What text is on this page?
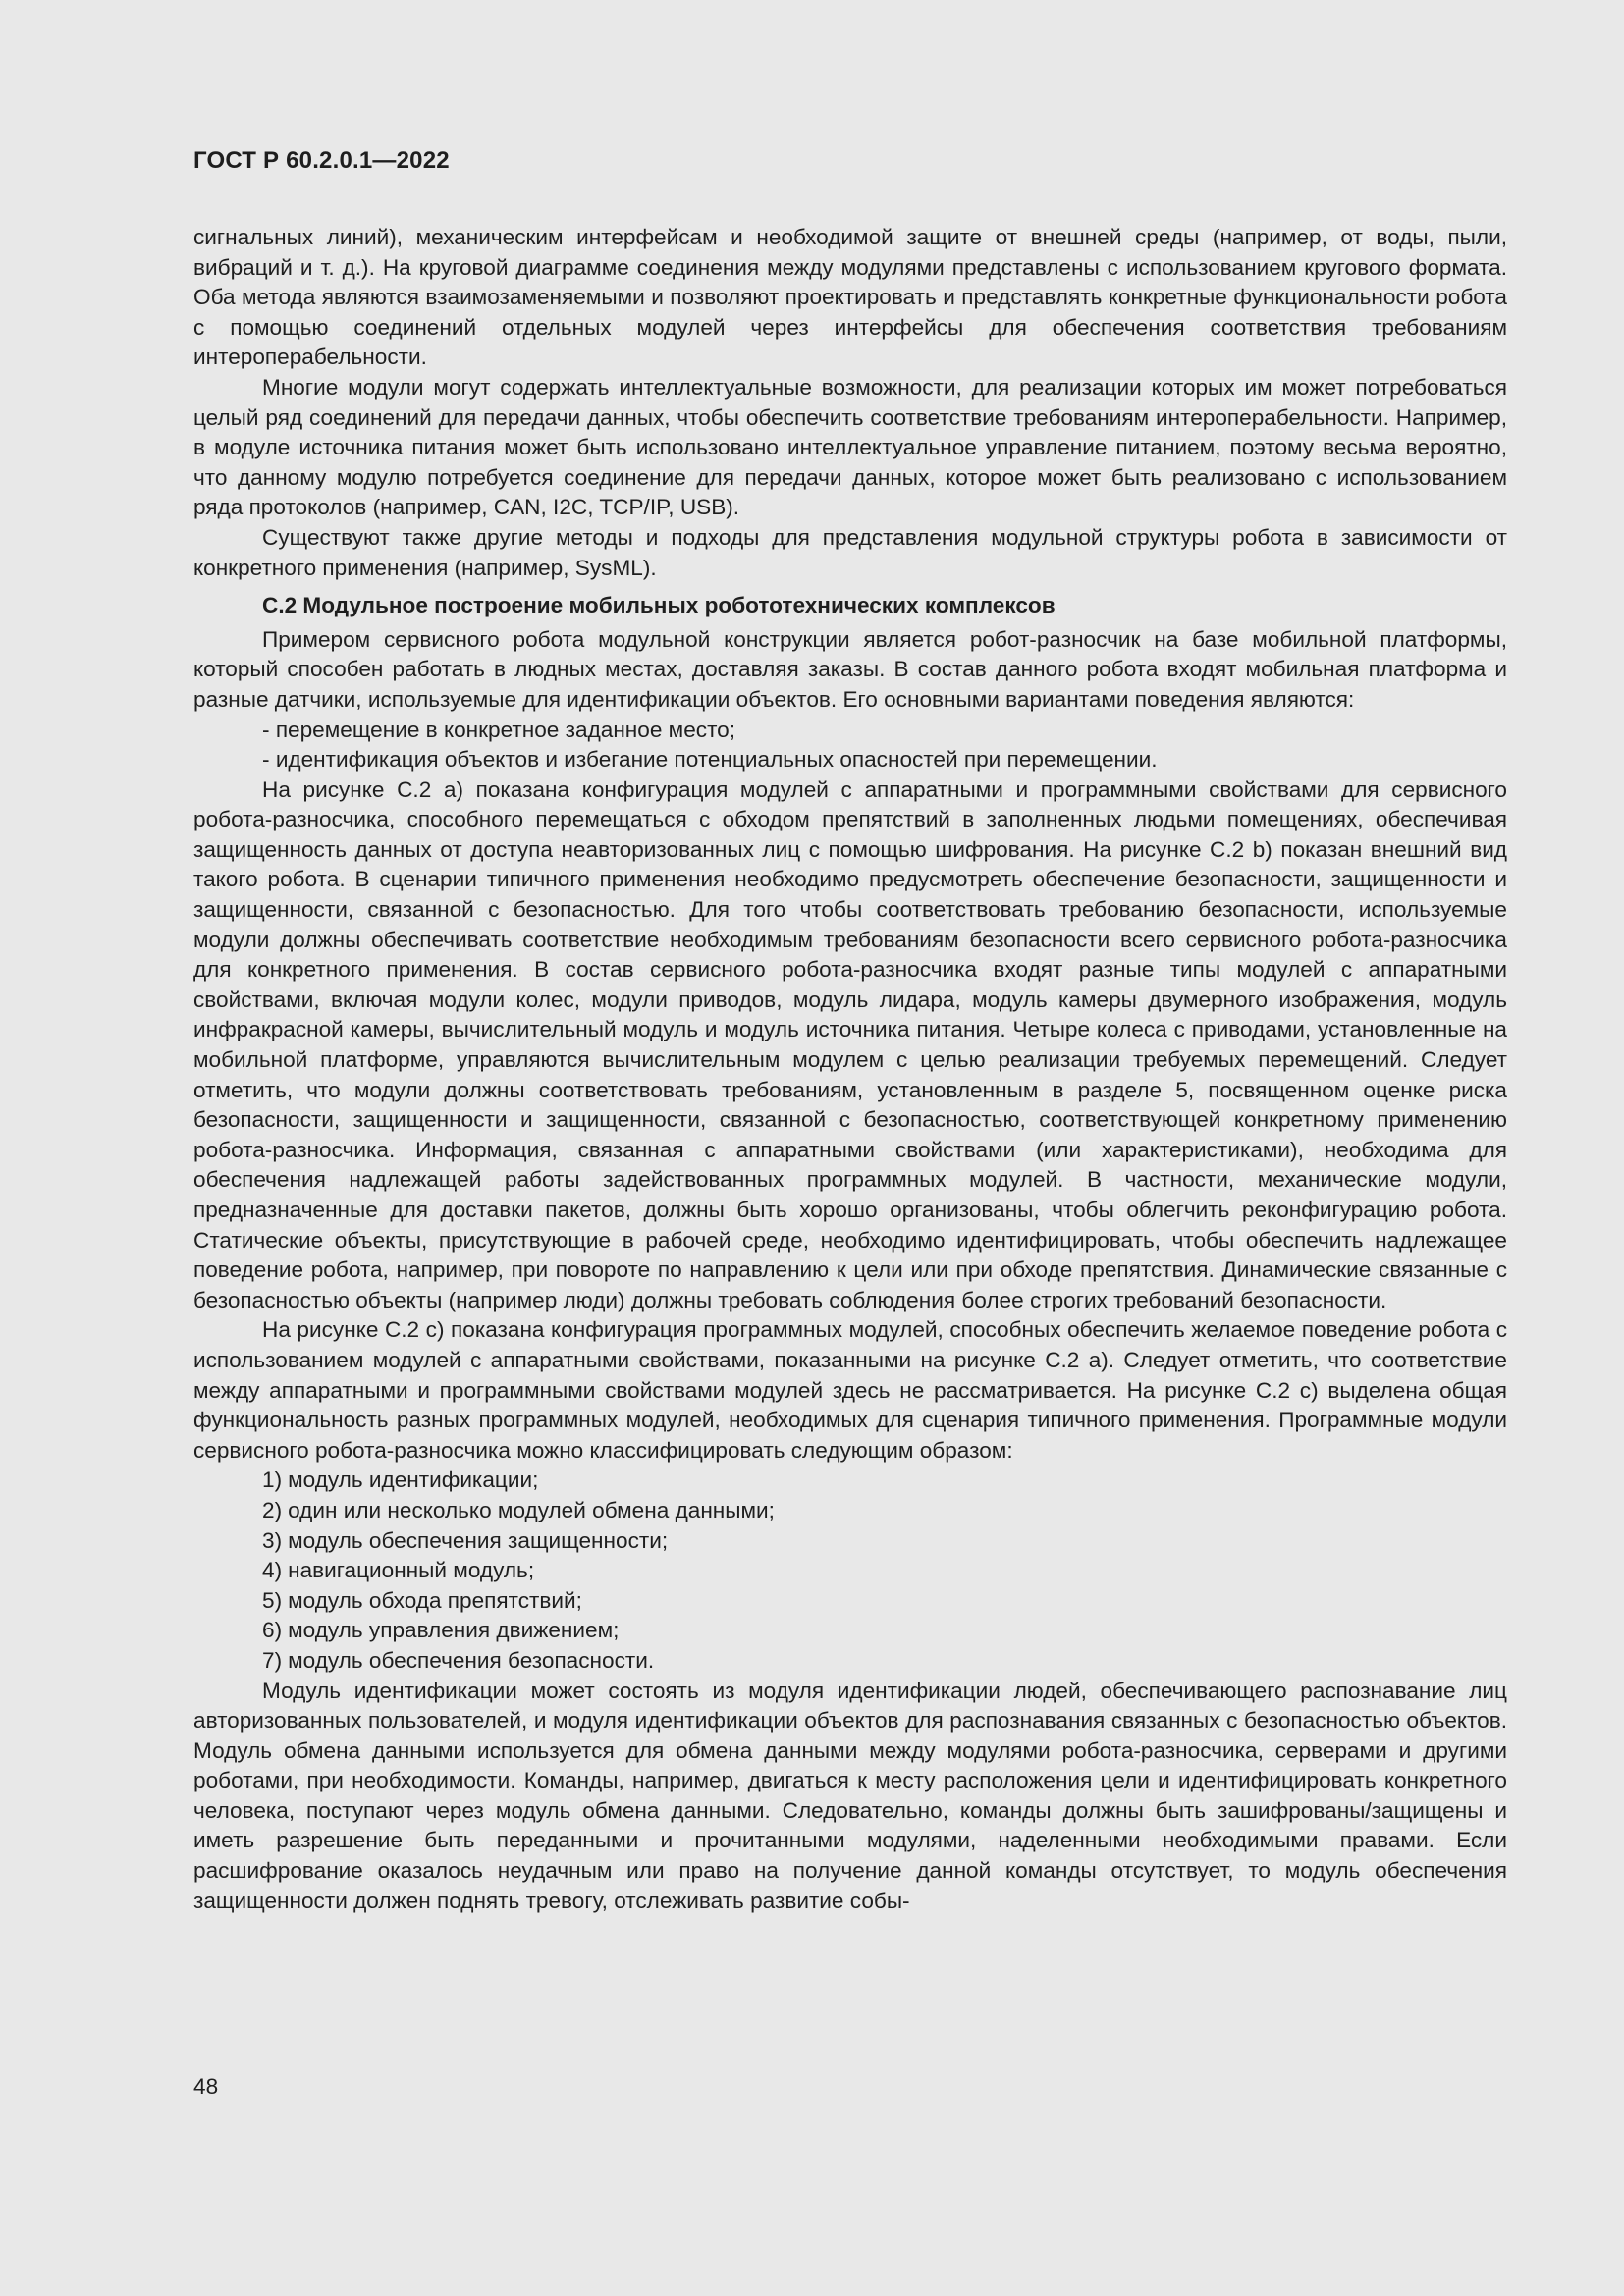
ГОСТ Р 60.2.0.1—2022

сигнальных линий), механическим интерфейсам и необходимой защите от внешней среды (например, от воды, пыли, вибраций и т. д.). На круговой диаграмме соединения между модулями представлены с использованием кругового формата. Оба метода являются взаимозаменяемыми и позволяют проектировать и представлять конкретные функциональности робота с помощью соединений отдельных модулей через интерфейсы для обеспечения соответствия требованиям интероперабельности.

Многие модули могут содержать интеллектуальные возможности, для реализации которых им может потребоваться целый ряд соединений для передачи данных, чтобы обеспечить соответствие требованиям интероперабельности. Например, в модуле источника питания может быть использовано интеллектуальное управление питанием, поэтому весьма вероятно, что данному модулю потребуется соединение для передачи данных, которое может быть реализовано с использованием ряда протоколов (например, CAN, I2C, TCP/IP, USB).

Существуют также другие методы и подходы для представления модульной структуры робота в зависимости от конкретного применения (например, SysML).

С.2 Модульное построение мобильных робототехнических комплексов

Примером сервисного робота модульной конструкции является робот-разносчик на базе мобильной платформы, который способен работать в людных местах, доставляя заказы. В состав данного робота входят мобильная платформа и разные датчики, используемые для идентификации объектов. Его основными вариантами поведения являются:

- перемещение в конкретное заданное место;
- идентификация объектов и избегание потенциальных опасностей при перемещении.

На рисунке С.2 a) показана конфигурация модулей с аппаратными и программными свойствами для сервисного робота-разносчика, способного перемещаться с обходом препятствий в заполненных людьми помещениях, обеспечивая защищенность данных от доступа неавторизованных лиц с помощью шифрования. На рисунке С.2 b) показан внешний вид такого робота. В сценарии типичного применения необходимо предусмотреть обеспечение безопасности, защищенности и защищенности, связанной с безопасностью. Для того чтобы соответствовать требованию безопасности, используемые модули должны обеспечивать соответствие необходимым требованиям безопасности всего сервисного робота-разносчика для конкретного применения. В состав сервисного робота-разносчика входят разные типы модулей с аппаратными свойствами, включая модули колес, модули приводов, модуль лидара, модуль камеры двумерного изображения, модуль инфракрасной камеры, вычислительный модуль и модуль источника питания. Четыре колеса с приводами, установленные на мобильной платформе, управляются вычислительным модулем с целью реализации требуемых перемещений. Следует отметить, что модули должны соответствовать требованиям, установленным в разделе 5, посвященном оценке риска безопасности, защищенности и защищенности, связанной с безопасностью, соответствующей конкретному применению робота-разносчика. Информация, связанная с аппаратными свойствами (или характеристиками), необходима для обеспечения надлежащей работы задействованных программных модулей. В частности, механические модули, предназначенные для доставки пакетов, должны быть хорошо организованы, чтобы облегчить реконфигурацию робота. Статические объекты, присутствующие в рабочей среде, необходимо идентифицировать, чтобы обеспечить надлежащее поведение робота, например, при повороте по направлению к цели или при обходе препятствия. Динамические связанные с безопасностью объекты (например люди) должны требовать соблюдения более строгих требований безопасности.

На рисунке С.2 c) показана конфигурация программных модулей, способных обеспечить желаемое поведение робота с использованием модулей с аппаратными свойствами, показанными на рисунке С.2 a). Следует отметить, что соответствие между аппаратными и программными свойствами модулей здесь не рассматривается. На рисунке С.2 c) выделена общая функциональность разных программных модулей, необходимых для сценария типичного применения. Программные модули сервисного робота-разносчика можно классифицировать следующим образом:

1) модуль идентификации;
2) один или несколько модулей обмена данными;
3) модуль обеспечения защищенности;
4) навигационный модуль;
5) модуль обхода препятствий;
6) модуль управления движением;
7) модуль обеспечения безопасности.

Модуль идентификации может состоять из модуля идентификации людей, обеспечивающего распознавание лиц авторизованных пользователей, и модуля идентификации объектов для распознавания связанных с безопасностью объектов. Модуль обмена данными используется для обмена данными между модулями робота-разносчика, серверами и другими роботами, при необходимости. Команды, например, двигаться к месту расположения цели и идентифицировать конкретного человека, поступают через модуль обмена данными. Следовательно, команды должны быть зашифрованы/защищены и иметь разрешение быть переданными и прочитанными модулями, наделенными необходимыми правами. Если расшифрование оказалось неудачным или право на получение данной команды отсутствует, то модуль обеспечения защищенности должен поднять тревогу, отслеживать развитие собы-

48
